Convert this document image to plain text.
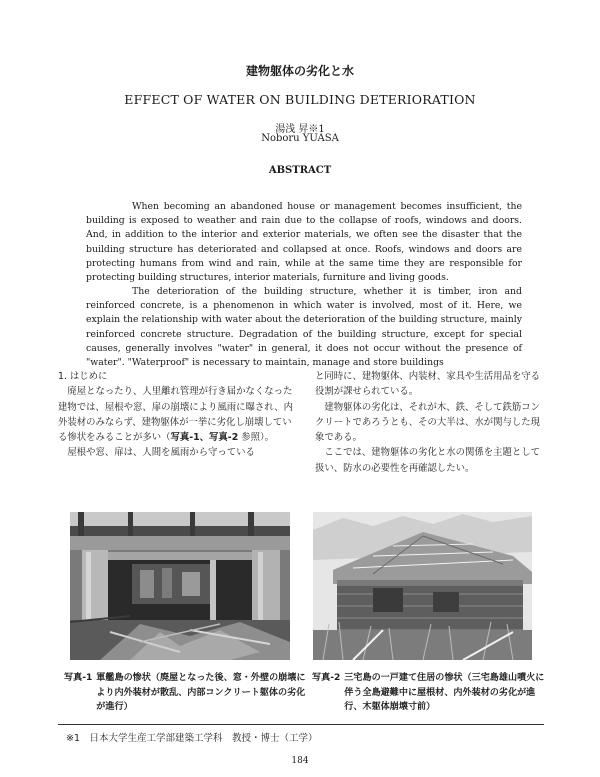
建物躯体の劣化と水
EFFECT OF WATER ON BUILDING DETERIORATION
湯浅 昇※1
Noboru YUASA
ABSTRACT

When becoming an abandoned house or management becomes insufficient, the building is exposed to weather and rain due to the collapse of roofs, windows and doors. And, in addition to the interior and exterior materials, we often see the disaster that the building structure has deteriorated and collapsed at once. Roofs, windows and doors are protecting humans from wind and rain, while at the same time they are responsible for protecting building structures, interior materials, furniture and living goods.

The deterioration of the building structure, whether it is timber, iron and reinforced concrete, is a phenomenon in which water is involved, most of it. Here, we explain the relationship with water about the deterioration of the building structure, mainly reinforced concrete structure. Degradation of the building structure, except for special causes, generally involves "water" in general, it does not occur without the presence of "water". "Waterproof" is necessary to maintain, manage and store buildings

1. はじめに

廃屋となったり、人里離れ管理が行き届かなくなった建物では、屋根や窓、扉の崩壊により風雨に曝され、内外装材のみならず、建物躯体が一挙に劣化し崩壊している惨状をみることが多い（写真-1、写真-2 参照）。

屋根や窓、扉は、人間を風雨から守っている

と同時に、建物躯体、内装材、家具や生活用品を守る役割が課せられている。

建物躯体の劣化は、それが木、鉄、そして鉄筋コンクリートであろうとも、その大半は、水が関与した現象である。

ここでは、建物躯体の劣化と水の関係を主題として扱い、防水の必要性を再確認したい。

写真-1 軍艦島の惨状（廃屋となった後、窓・外壁の崩壊により内外装材が散乱、内部コンクリート躯体の劣化が進行）
写真-2 三宅島の一戸建て住居の惨状（三宅島雄山噴火に伴う全島避難中に屋根材、内外装材の劣化が進行、木躯体崩壊寸前）
※1　日本大学生産工学部建築工学科　教授・博士（工学）
184
